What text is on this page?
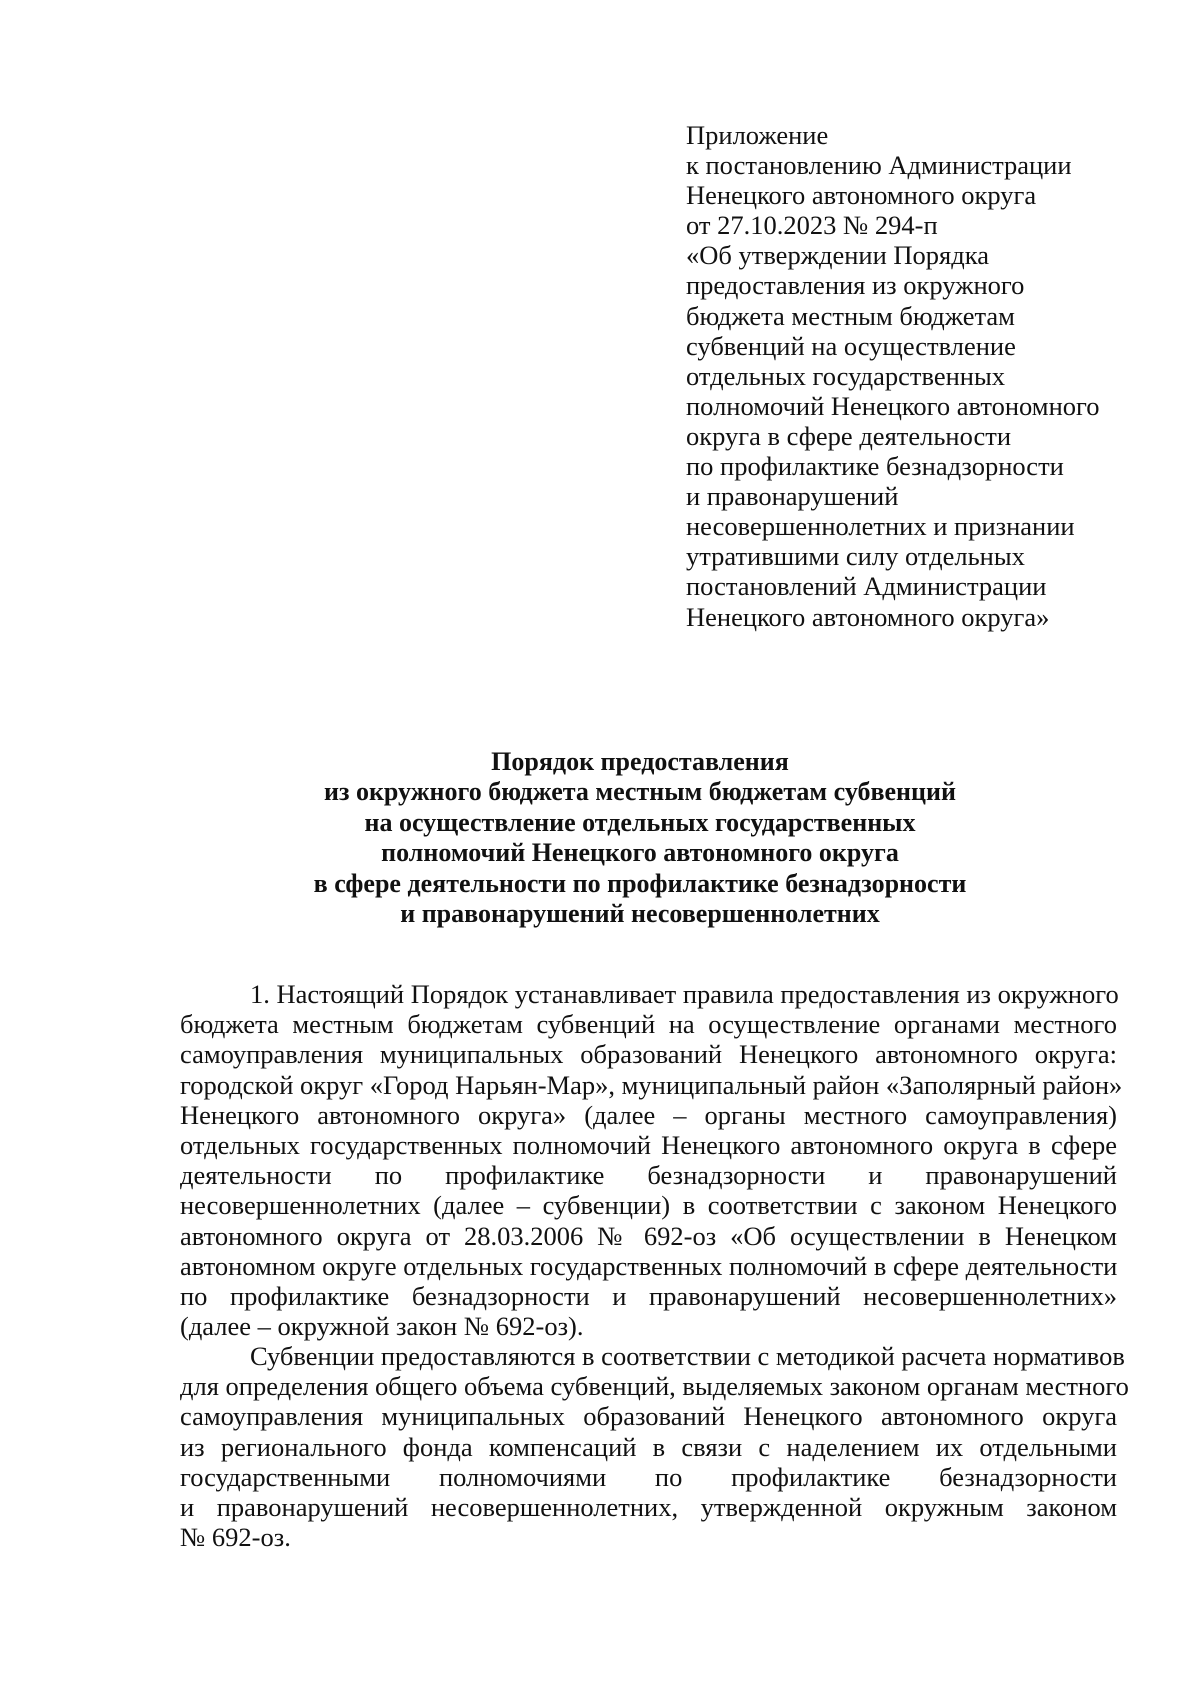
Приложение
к постановлению Администрации
Ненецкого автономного округа
от 27.10.2023 № 294-п
«Об утверждении Порядка
предоставления из окружного
бюджета местным бюджетам
субвенций на осуществление
отдельных государственных
полномочий Ненецкого автономного
округа в сфере деятельности
по профилактике безнадзорности
и правонарушений
несовершеннолетних и признании
утратившими силу отдельных
постановлений Администрации
Ненецкого автономного округа»
Порядок предоставления
из окружного бюджета местным бюджетам субвенций
на осуществление отдельных государственных
полномочий Ненецкого автономного округа
в сфере деятельности по профилактике безнадзорности
и правонарушений несовершеннолетних
1. Настоящий Порядок устанавливает правила предоставления из окружного
бюджета местным бюджетам субвенций на осуществление органами местного
самоуправления муниципальных образований Ненецкого автономного округа:
городской округ «Город Нарьян-Мар», муниципальный район «Заполярный район»
Ненецкого автономного округа» (далее – органы местного самоуправления)
отдельных государственных полномочий Ненецкого автономного округа в сфере
деятельности по профилактике безнадзорности и правонарушений
несовершеннолетних (далее – субвенции) в соответствии с законом Ненецкого
автономного округа от 28.03.2006 № 692-оз «Об осуществлении в Ненецком
автономном округе отдельных государственных полномочий в сфере деятельности
по профилактике безнадзорности и правонарушений несовершеннолетних»
(далее – окружной закон № 692-оз).
Субвенции предоставляются в соответствии с методикой расчета нормативов
для определения общего объема субвенций, выделяемых законом органам местного
самоуправления муниципальных образований Ненецкого автономного округа
из регионального фонда компенсаций в связи с наделением их отдельными
государственными полномочиями по профилактике безнадзорности
и правонарушений несовершеннолетних, утвержденной окружным законом
№ 692-оз.
